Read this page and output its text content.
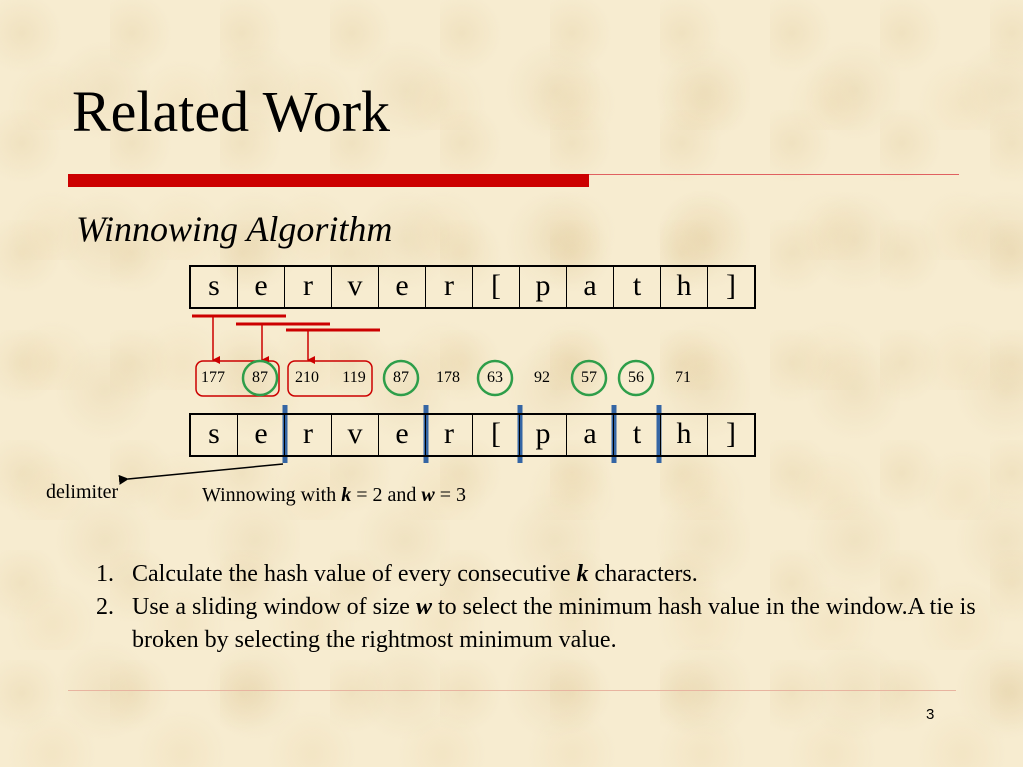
Related Work
Winnowing Algorithm
s	e	r	v	e	r	[	p	a	t	h	]
177	87	210	119	87	178	63	92	57	56	71
s	e	r	v	e	r	[	p	a	t	h	]
delimiter	Winnowing with k = 2 and w = 3
1. Calculate the hash value of every consecutive k characters.
2. Use a sliding window of size w to select the minimum hash value in the window.A tie is broken by selecting the rightmost minimum value.
3
